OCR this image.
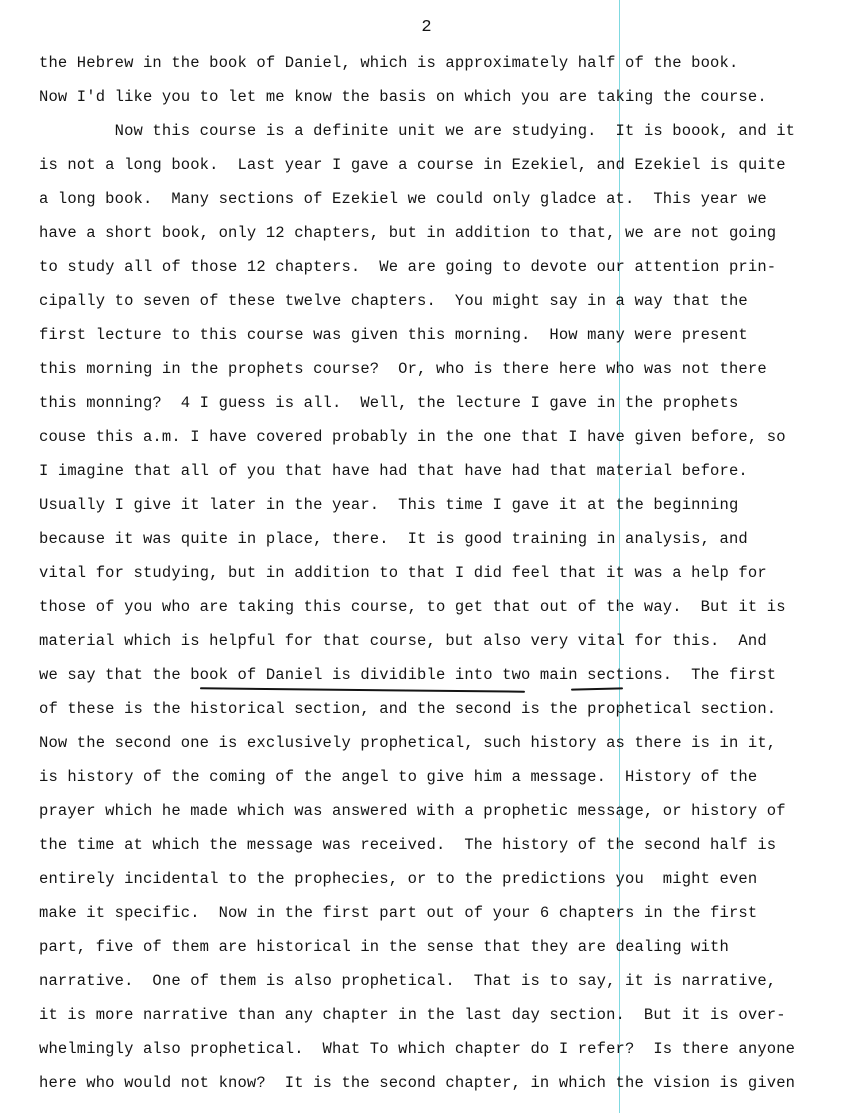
2
the Hebrew in the book of Daniel, which is approximately half of the book.
Now I'd like you to let me know the basis on which you are taking the course.
Now this course is a definite unit we are studying.  It is boook, and it
is not a long book.  Last year I gave a course in Ezekiel, and Ezekiel is quite
a long book.  Many sections of Ezekiel we could only gladce at.  This year we
have a short book, only 12 chapters, but in addition to that, we are not going
to study all of those 12 chapters.  We are going to devote our attention prin-
cipally to seven of these twelve chapters.  You might say in a way that the
first lecture to this course was given this morning.  How many were present
this morning in the prophets course?  Or, who is there here who was not there
this monning?  4 I guess is all.  Well, the lecture I gave in the prophets
couse this a.m. I have covered probably in the one that I have given before, so
I imagine that all of you that have had that have had that material before.
Usually I give it later in the year.  This time I gave it at the beginning
because it was quite in place, there.  It is good training in analysis, and
vital for studying, but in addition to that I did feel that it was a help for
those of you who are taking this course, to get that out of the way.  But it is
material which is helpful for that course, but also very vital for this.  And
we say that the book of Daniel is dividible into two main sections.  The first
of these is the historical section, and the second is the prophetical section.
Now the second one is exclusively prophetical, such history as there is in it,
is history of the coming of the angel to give him a message.  History of the
prayer which he made which was answered with a prophetic message, or history of
the time at which the message was received.  The history of the second half is
entirely incidental to the prophecies, or to the predictions you  might even
make it specific.  Now in the first part out of your 6 chapters in the first
part, five of them are historical in the sense that they are dealing with
narrative.  One of them is also prophetical.  That is to say, it is narrative,
it is more narrative than any chapter in the last day section.  But it is over-
whelmingly also prophetical.  What To which chapter do I refer?  Is there anyone
here who would not know?  It is the second chapter, in which the vision is given
